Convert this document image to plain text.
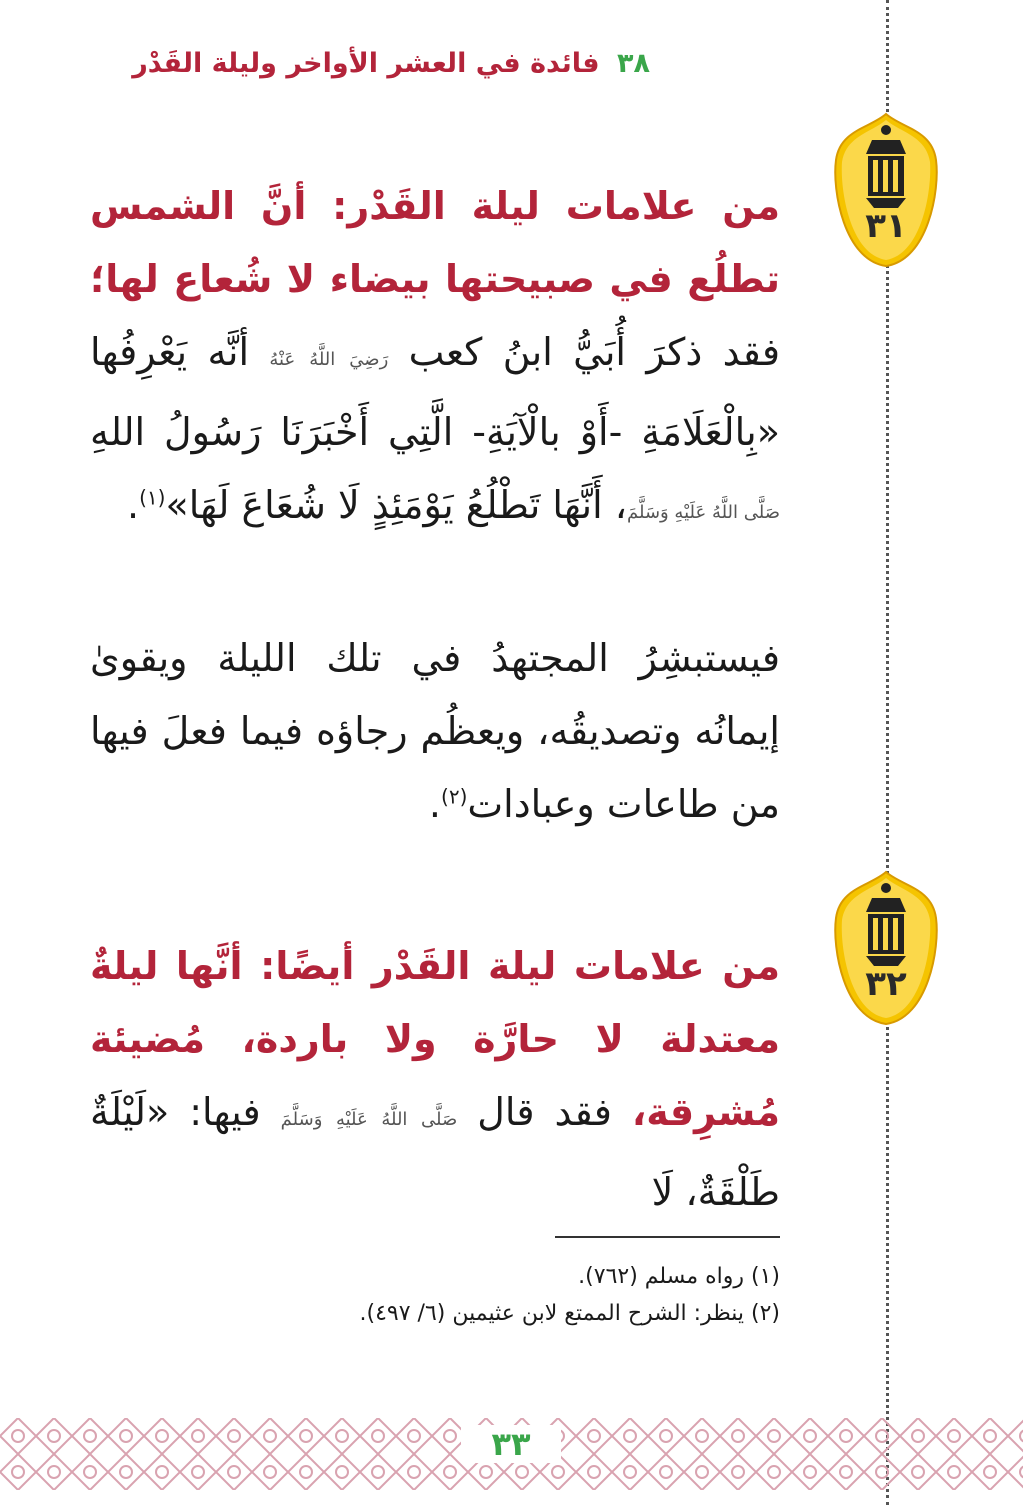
٣٨ فائدة في العشر الأواخر وليلة القَدْر
٣١
٣٢

من علامات ليلة القَدْر: أنَّ الشمس تطلُع في صبيحتها بيضاء لا شُعاع لها؛ فقد ذكرَ أُبَيُّ ابنُ كعب رَضِيَ اللَّهُ عَنْهُ أنَّه يَعْرِفُها «بِالْعَلَامَةِ -أَوْ بالْآيَةِ- الَّتِي أَخْبَرَنَا رَسُولُ اللهِ صَلَّى اللَّهُ عَلَيْهِ وَسَلَّمَ، أَنَّهَا تَطْلُعُ يَوْمَئِذٍ لَا شُعَاعَ لَهَا»$^{(١)}$.

فيستبشِرُ المجتهدُ في تلك الليلة ويقوىٰ إيمانُه وتصديقُه، ويعظُم رجاؤه فيما فعلَ فيها من طاعات وعبادات$^{(٢)}$.

من علامات ليلة القَدْر أيضًا: أنَّها ليلةٌ معتدلة لا حارَّة ولا باردة، مُضيئة مُشرِقة، فقد قال صَلَّى اللَّهُ عَلَيْهِ وَسَلَّمَ فيها: «لَيْلَةٌ طَلْقَةٌ، لَا

(١) رواه مسلم (٧٦٢).
(٢) ينظر: الشرح الممتع لابن عثيمين (٦/ ٤٩٧).
٣٣
